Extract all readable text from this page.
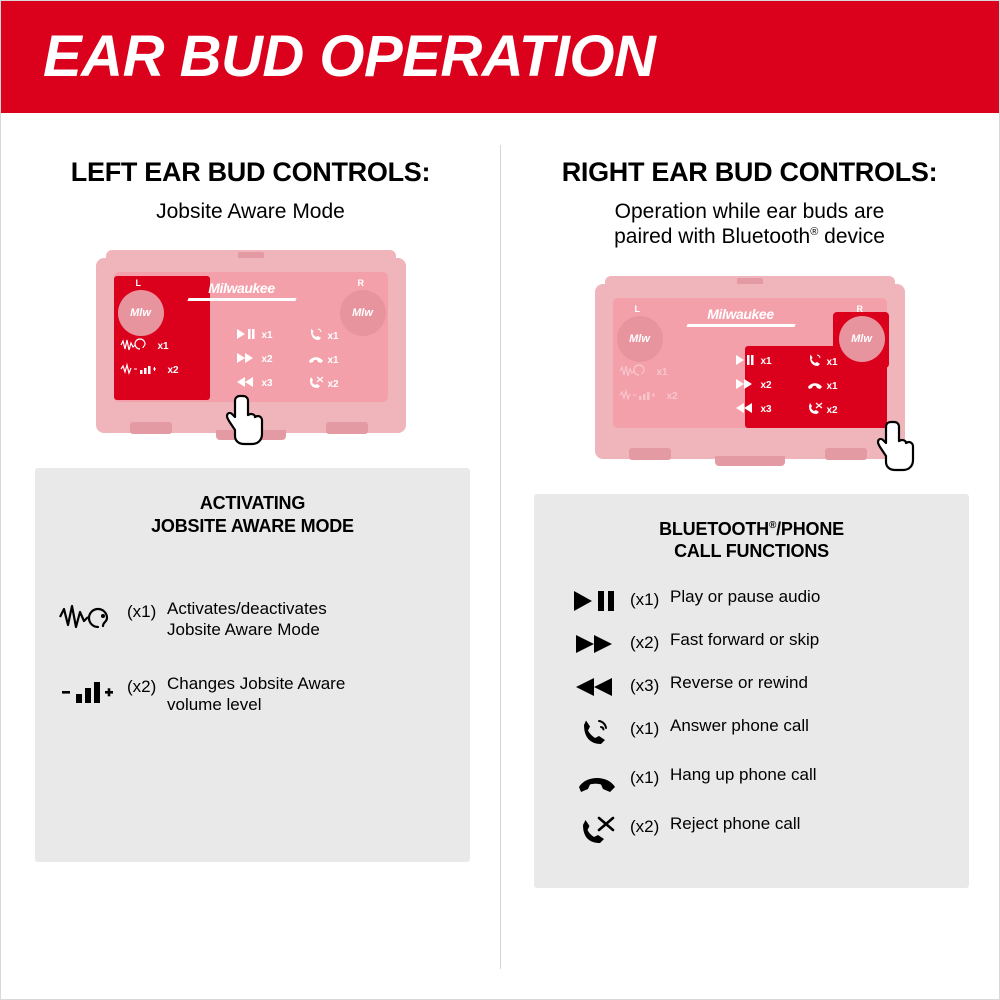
EAR BUD OPERATION
LEFT EAR BUD CONTROLS:
Jobsite Aware Mode
Milwaukee
L	R
Mlw	Mlw
x1
x2
x1
x2
x3
x1
x1
x2
ACTIVATING
JOBSITE AWARE MODE
(x1) Activates/deactivates
Jobsite Aware Mode
(x2) Changes Jobsite Aware
volume level
RIGHT EAR BUD CONTROLS:
Operation while ear buds are
paired with Bluetooth® device
Milwaukee
L	R
Mlw	Mlw
x1
x2
x1
x2
x3
x1
x1
x2
BLUETOOTH®/PHONE
CALL FUNCTIONS
(x1) Play or pause audio
(x2) Fast forward or skip
(x3) Reverse or rewind
(x1) Answer phone call
(x1) Hang up phone call
(x2) Reject phone call
